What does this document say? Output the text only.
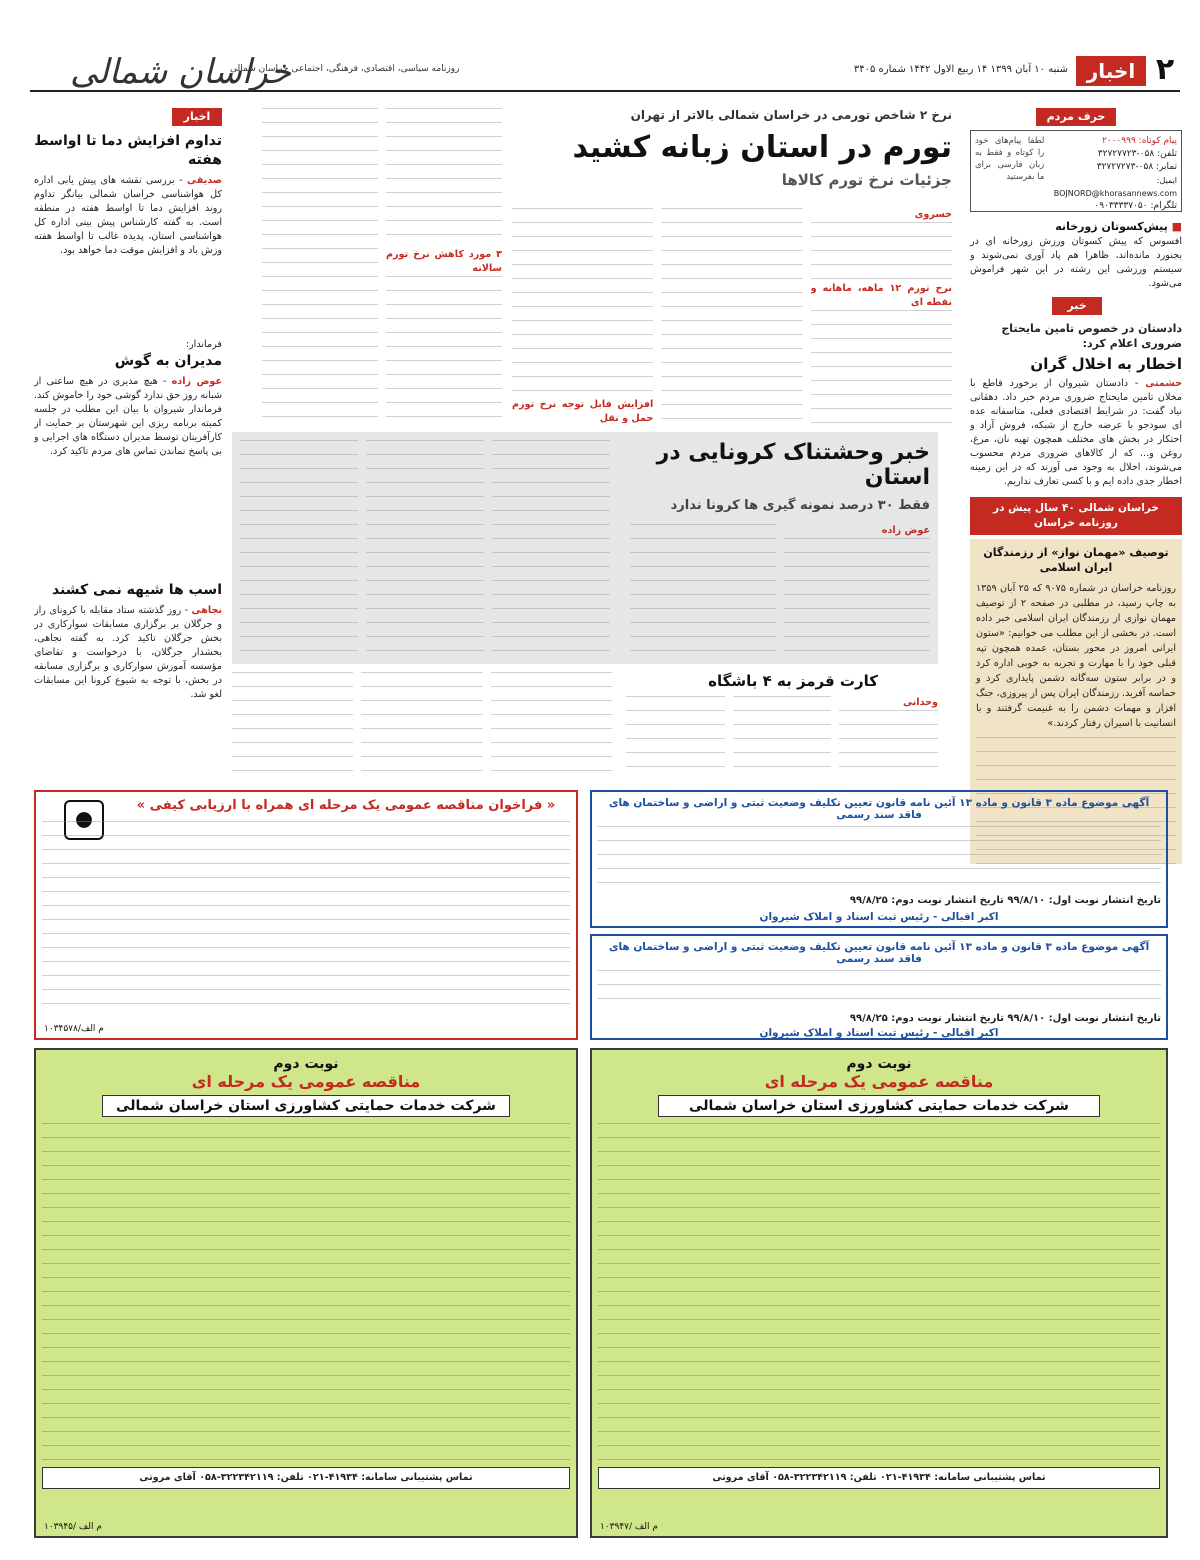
۲
اخبار
شنبه ۱۰ آبان ۱۳۹۹ ۱۴ ربیع الاول ۱۴۴۲ شماره ۳۴۰۵
خراسان شمالی
روزنامه سیاسی، اقتصادی، فرهنگی، اجتماعی خراسان شمالی
حرف مردم
پیام کوتاه: ۲۰۰۰۹۹۹
تلفن: ۰۵۸-۳۲۷۲۷۷۲۳
تمابر: ۰۵۸-۳۲۷۲۷۲۷۳
ایمیل: BOJNORD@khorasannews.com
تلگرام: ۰۹۰۳۳۳۳۷۰۵۰
لطفا پیام‌های خود را کوتاه و فقط به زبان فارسی برای ما بفرستید
■ پیش‌کسوتان زورخانه
افسوس که پیش کسوتان ورزش زورخانه ای در بجنورد مانده‌اند، ظاهرا هم پاد آوری نمی‌شوند و سیستم ورزشی این رشته در این شهر فراموش می‌شود.
خبر
دادستان در خصوص تامین مایحتاج ضروری اعلام کرد:
اخطار به اخلال گران
حشمتی - دادستان شیروان از برخورد قاطع با مخلان تامین مایحتاج ضروری مردم خبر داد. دهقانی نیاد گفت: در شرایط اقتصادی فعلی، متاسفانه عده ای سودجو با عرضه خارج از شبکه، فروش آزاد و احتکار در بخش های مختلف همچون تهیه نان، مرغ، روغن و... که از کالاهای ضروری مردم محسوب می‌شوند، اخلال به وجود می آورند که در این زمینه اخطار جدی داده ایم و با کسی تعارف نداریم.
خراسان شمالی ۴۰ سال پیش در روزنامه خراسان
توصیف «مهمان نواز» از رزمندگان ایران اسلامی
روزنامه خراسان در شماره ۹۰۷۵ که ۲۵ آبان ۱۳۵۹ به چاپ رسید، در مطلبی در صفحه ۲ از توصیف مهمان نوازی از رزمندگان ایران اسلامی خبر داده است. در بخشی از این مطلب می خوانیم: «ستون ایرانی امروز در محور بستان، عمده همچون تپه قبلی خود را با مهارت و تجربه به خوبی اداره کرد و در برابر ستون سه‌گانه دشمن پایداری کرد و حماسه آفرید. رزمندگان ایران پس از پیروزی، جنگ افزار و مهمات دشمن را به غنیمت گرفتند و با انسانیت با اسیران رفتار کردند.»
نرخ ۲ شاخص تورمی در خراسان شمالی بالاتر از تهران
تورم در استان زبانه کشید
جزئیات نرخ تورم کالاها
خسروی
نرخ تورم ۱۲ ماهه، ماهانه و نقطه ای
افزایش قابل توجه نرخ تورم حمل و نقل
۳ مورد کاهش نرخ تورم سالانه
اخبار
تداوم افزایش دما تا اواسط هفته
صدیقی - بررسی نقشه های پیش یابی اداره کل هواشناسی خراسان شمالی بیانگر تداوم روند افزایش دما تا اواسط هفته در منطقه است. به گفته کارشناس پیش بینی اداره کل هواشناسی استان، پدیده غالب تا اواسط هفته وزش باد و افزایش موقت دما خواهد بود.
فرماندار:
مدیران به گوش
عوض زاده - هیچ مدیری در هیچ ساعتی از شبانه روز حق ندارد گوشی خود را خاموش کند. فرماندار شیروان با بیان این مطلب در جلسه کمیته برنامه ریزی این شهرستان بر حمایت از کارآفرینان توسط مدیران دستگاه های اجرایی و بی پاسخ نماندن تماس های مردم تاکید کرد.
اسب ها شیهه نمی کشند
نجاهی - روز گذشته ستاد مقابله با کرونای راز و جرگلان بر برگزاری مسابقات سوارکاری در بخش جرگلان تاکید کرد. به گفته نجاهی، بخشدار جرگلان، با درخواست و تقاضای مؤسسه آموزش سوارکاری و برگزاری مسابقه در بخش، با توجه به شیوع کرونا این مسابقات لغو شد.
خبر وحشتناک کرونایی در استان
فقط ۳۰ درصد نمونه گیری ها کرونا ندارد
عوض زاده
کارت قرمز به ۴ باشگاه
وحدانی
« فراخوان مناقصه عمومی یک مرحله ای همراه با ارزیابی کیفی »
م الف/۱۰۳۴۵۷۸
آگهی موضوع ماده ۳ قانون و ماده ۱۳ آئین نامه قانون تعیین تکلیف وضعیت ثبتی و اراضی و ساختمان های فاقد سند رسمی
تاریخ انتشار نوبت اول: ۹۹/۸/۱۰ تاریخ انتشار نوبت دوم: ۹۹/۸/۲۵
اکبر اقبالی - رئیس ثبت اسناد و املاک شیروان
آگهی موضوع ماده ۳ قانون و ماده ۱۳ آئین نامه قانون تعیین تکلیف وضعیت ثبتی و اراضی و ساختمان های فاقد سند رسمی
تاریخ انتشار نوبت اول: ۹۹/۸/۱۰ تاریخ انتشار نوبت دوم: ۹۹/۸/۲۵
اکبر اقبالی - رئیس ثبت اسناد و املاک شیروان
نوبت دوم
مناقصه عمومی یک مرحله ای
شرکت خدمات حمایتی کشاورزی استان خراسان شمالی
تماس پشتیبانی سامانه: ۴۱۹۳۴-۰۲۱ تلفن: ۳۲۲۳۴۲۱۱۹-۰۵۸ آقای مروتی
م الف /۱۰۳۹۴۵
نوبت دوم
مناقصه عمومی یک مرحله ای
شرکت خدمات حمایتی کشاورزی استان خراسان شمالی
تماس پشتیبانی سامانه: ۴۱۹۳۴-۰۲۱ تلفن: ۳۲۲۳۴۲۱۱۹-۰۵۸ آقای مروتی
م الف /۱۰۳۹۴۷
